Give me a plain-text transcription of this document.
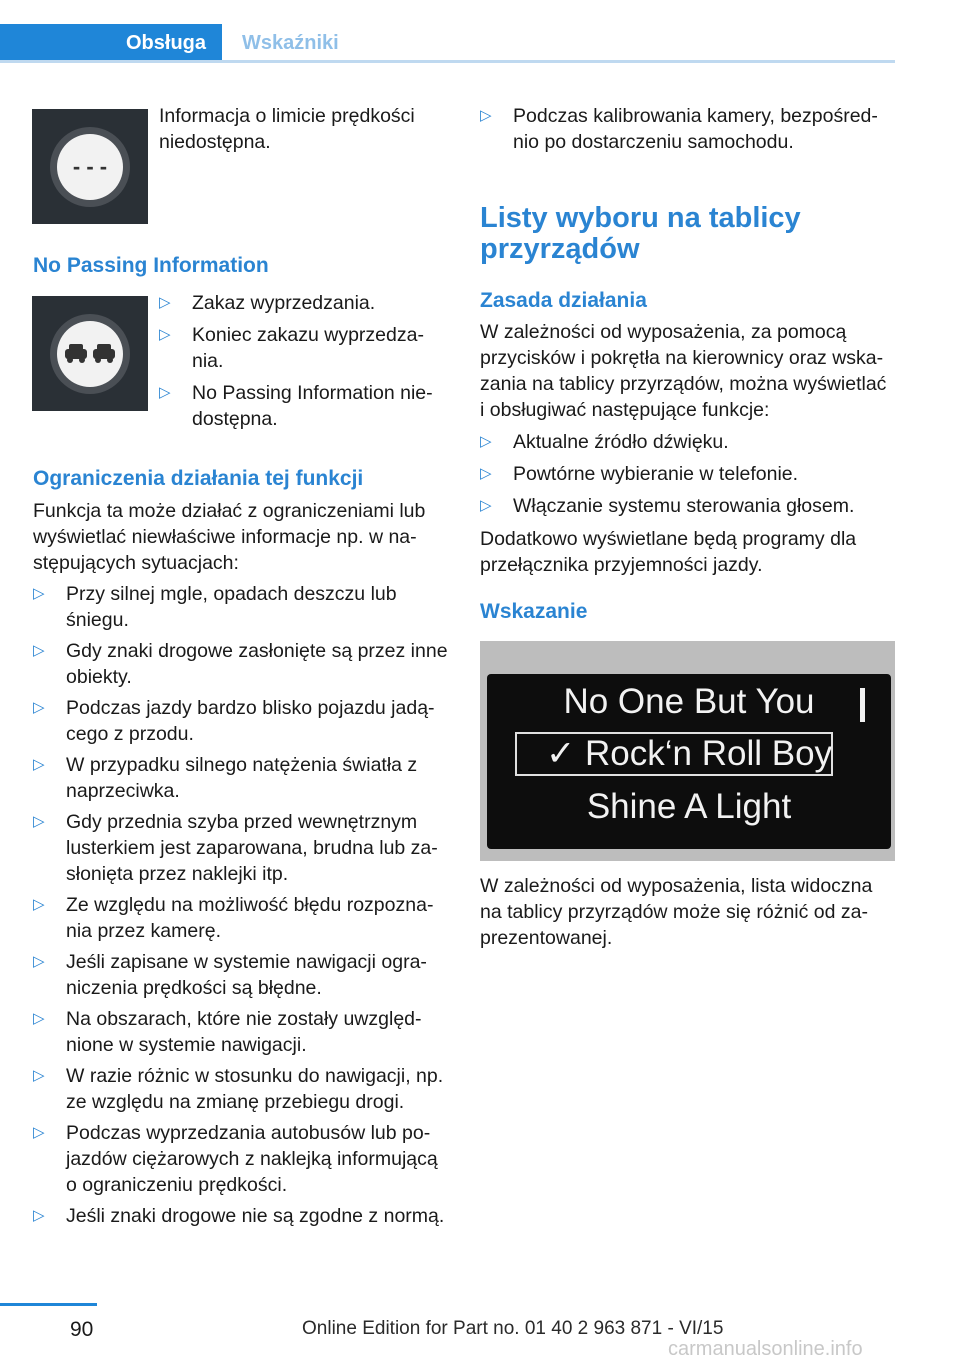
Obsługa	Wskaźniki
- - -
Informacja o limicie prędkości niedostępna.
No Passing Information
▷ Zakaz wyprzedzania.
▷ Koniec zakazu wyprzedza-nia.
▷ No Passing Information nie-dostępna.
Ograniczenia działania tej funkcji
Funkcja ta może działać z ograniczeniami lub wyświetlać niewłaściwe informacje np. w na-stępujących sytuacjach:
▷ Przy silnej mgle, opadach deszczu lub śniegu.
▷ Gdy znaki drogowe zasłonięte są przez inne obiekty.
▷ Podczas jazdy bardzo blisko pojazdu jadą-cego z przodu.
▷ W przypadku silnego natężenia światła z naprzeciwka.
▷ Gdy przednia szyba przed wewnętrznym lusterkiem jest zaparowana, brudna lub za-słonięta przez naklejki itp.
▷ Ze względu na możliwość błędu rozpozna-nia przez kamerę.
▷ Jeśli zapisane w systemie nawigacji ogra-niczenia prędkości są błędne.
▷ Na obszarach, które nie zostały uwzględ-nione w systemie nawigacji.
▷ W razie różnic w stosunku do nawigacji, np. ze względu na zmianę przebiegu drogi.
▷ Podczas wyprzedzania autobusów lub po-jazdów ciężarowych z naklejką informującą o ograniczeniu prędkości.
▷ Jeśli znaki drogowe nie są zgodne z normą.
▷ Podczas kalibrowania kamery, bezpośred-nio po dostarczeniu samochodu.
Listy wyboru na tablicy przyrządów
Zasada działania
W zależności od wyposażenia, za pomocą przycisków i pokrętła na kierownicy oraz wska-zania na tablicy przyrządów, można wyświetlać i obsługiwać następujące funkcje:
▷ Aktualne źródło dźwięku.
▷ Powtórne wybieranie w telefonie.
▷ Włączanie systemu sterowania głosem.
Dodatkowo wyświetlane będą programy dla przełącznika przyjemności jazdy.
Wskazanie
No One But You
✓ Rock‘n Roll Boy
Shine A Light
W zależności od wyposażenia, lista widoczna na tablicy przyrządów może się różnić od za-prezentowanej.
90	Online Edition for Part no. 01 40 2 963 871 - VI/15
carmanualsonline.info
